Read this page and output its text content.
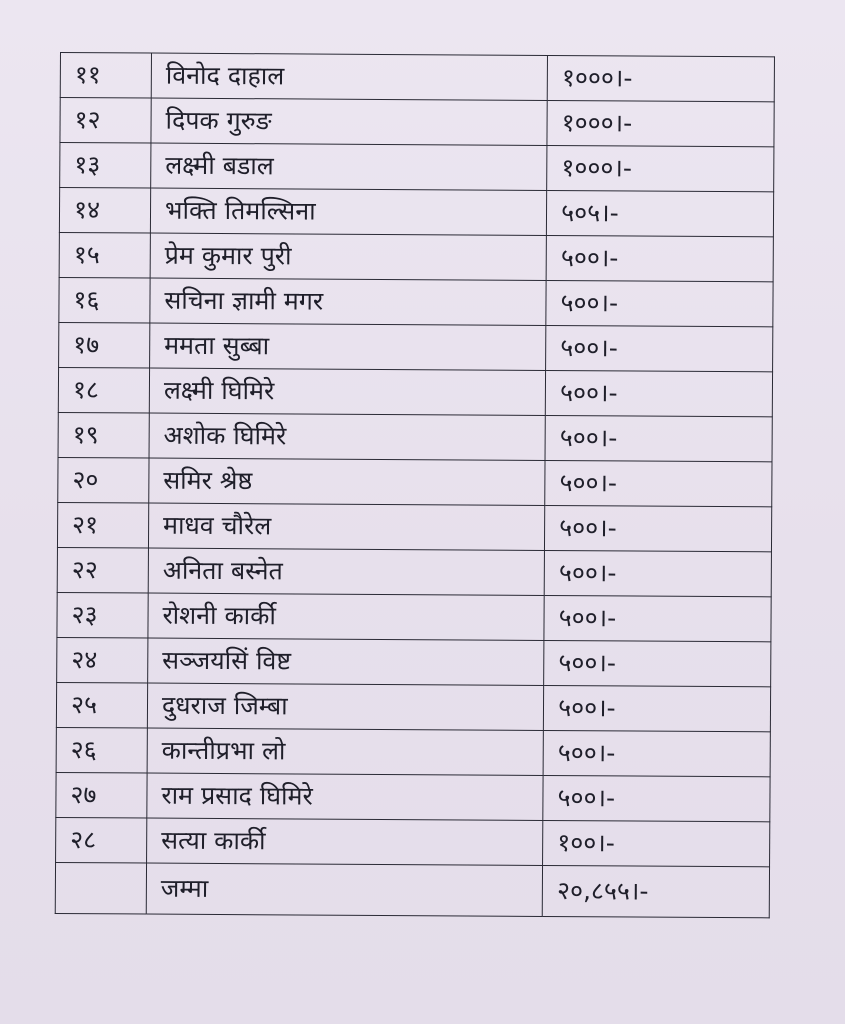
११	विनोद दाहाल	१०००।-
१२	दिपक गुरुङ	१०००।-
१३	लक्ष्मी बडाल	१०००।-
१४	भक्ति तिमल्सिना	५०५।-
१५	प्रेम कुमार पुरी	५००।-
१६	सचिना ज्ञामी मगर	५००।-
१७	ममता सुब्बा	५००।-
१८	लक्ष्मी घिमिरे	५००।-
१९	अशोक घिमिरे	५००।-
२०	समिर श्रेष्ठ	५००।-
२१	माधव चौरेल	५००।-
२२	अनिता बस्नेत	५००।-
२३	रोशनी कार्की	५००।-
२४	सञ्जयसिं विष्ट	५००।-
२५	दुधराज जिम्बा	५००।-
२६	कान्तीप्रभा लो	५००।-
२७	राम प्रसाद घिमिरे	५००।-
२८	सत्या कार्की	१००।-
	जम्मा	२०,८५५।-
